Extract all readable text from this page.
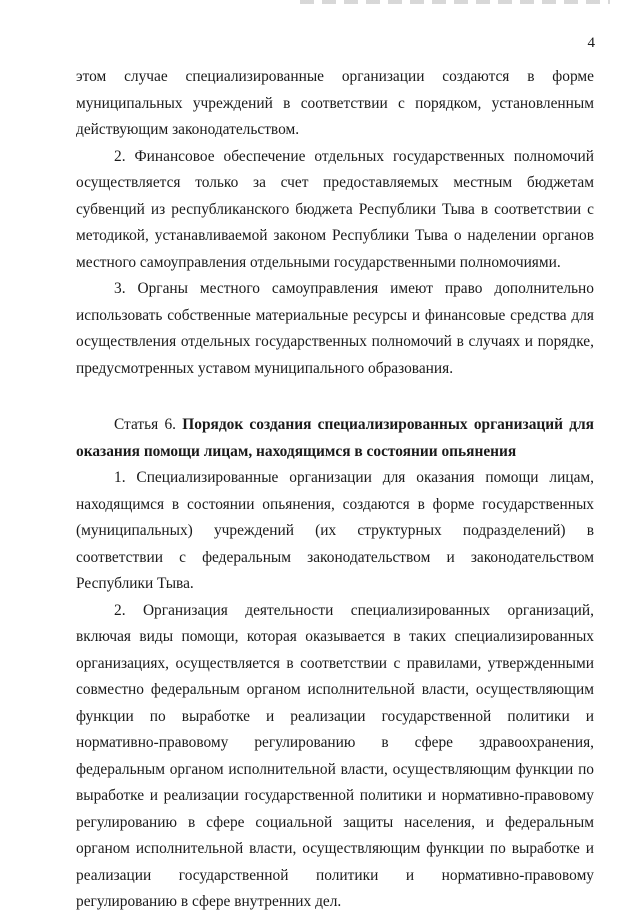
4

этом случае специализированные организации создаются в форме муниципальных учреждений в соответствии с порядком, установленным действующим законодательством.

2. Финансовое обеспечение отдельных государственных полномочий осуществляется только за счет предоставляемых местным бюджетам субвенций из республиканского бюджета Республики Тыва в соответствии с методикой, устанавливаемой законом Республики Тыва о наделении органов местного самоуправления отдельными государственными полномочиями.

3. Органы местного самоуправления имеют право дополнительно использовать собственные материальные ресурсы и финансовые средства для осуществления отдельных государственных полномочий в случаях и порядке, предусмотренных уставом муниципального образования.

Статья 6. Порядок создания специализированных организаций для оказания помощи лицам, находящимся в состоянии опьянения

1. Специализированные организации для оказания помощи лицам, находящимся в состоянии опьянения, создаются в форме государственных (муниципальных) учреждений (их структурных подразделений) в соответствии с федеральным законодательством и законодательством Республики Тыва.

2. Организация деятельности специализированных организаций, включая виды помощи, которая оказывается в таких специализированных организациях, осуществляется в соответствии с правилами, утвержденными совместно федеральным органом исполнительной власти, осуществляющим функции по выработке и реализации государственной политики и нормативно-правовому регулированию в сфере здравоохранения, федеральным органом исполнительной власти, осуществляющим функции по выработке и реализации государственной политики и нормативно-правовому регулированию в сфере социальной защиты населения, и федеральным органом исполнительной власти, осуществляющим функции по выработке и реализации государственной политики и нормативно-правовому регулированию в сфере внутренних дел.
